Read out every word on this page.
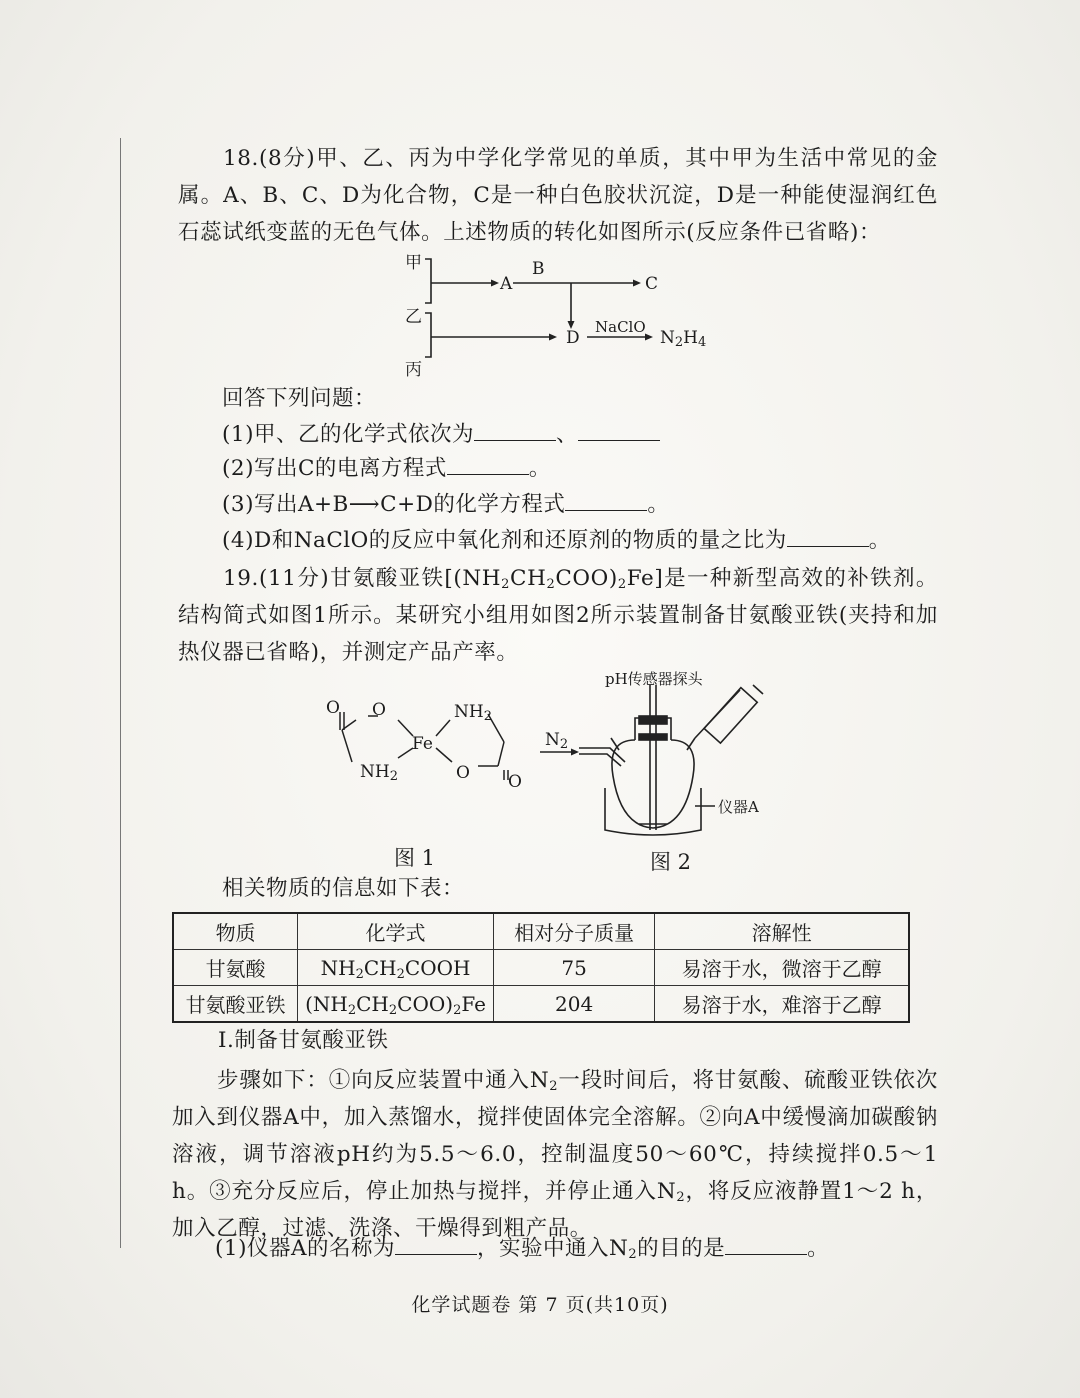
18.(8分)甲、乙、丙为中学化学常见的单质，其中甲为生活中常见的金属。A、B、C、D为化合物，C是一种白色胶状沉淀，D是一种能使湿润红色石蕊试纸变蓝的无色气体。上述物质的转化如图所示(反应条件已省略)：
甲
乙
丙
A
B
C
D
NaClO
$N_2H_4$
回答下列问题：
(1)甲、乙的化学式依次为	、
(2)写出C的电离方程式	。
(3)写出A+B⟶C+D的化学方程式	。
(4)D和NaClO的反应中氧化剂和还原剂的物质的量之比为	。
19.(11分)甘氨酸亚铁$[(NH_2CH_2COO)_2Fe]$是一种新型高效的补铁剂。结构简式如图1所示。某研究小组用如图2所示装置制备甘氨酸亚铁(夹持和加热仪器已省略)，并测定产品产率。
O O
Fe
$NH_2$
$NH_2$	O O
pH传感器探头
$N_2$
仪器A
图 1	图 2
相关物质的信息如下表：
物质	化学式	相对分子质量	溶解性
甘氨酸	$NH_2CH_2COOH$	75	易溶于水，微溶于乙醇
甘氨酸亚铁	$(NH_2CH_2COO)_2Fe$	204	易溶于水，难溶于乙醇
Ⅰ.制备甘氨酸亚铁
步骤如下：①向反应装置中通入$N_2$一段时间后，将甘氨酸、硫酸亚铁依次加入到仪器A中，加入蒸馏水，搅拌使固体完全溶解。②向A中缓慢滴加碳酸钠溶液，调节溶液pH约为5.5～6.0，控制温度50～60℃，持续搅拌0.5～1 h。③充分反应后，停止加热与搅拌，并停止通入$N_2$，将反应液静置1～2 h，加入乙醇，过滤、洗涤、干燥得到粗产品。
(1)仪器A的名称为	，实验中通入$N_2$的目的是	。
化学试题卷 第 7 页(共10页)
